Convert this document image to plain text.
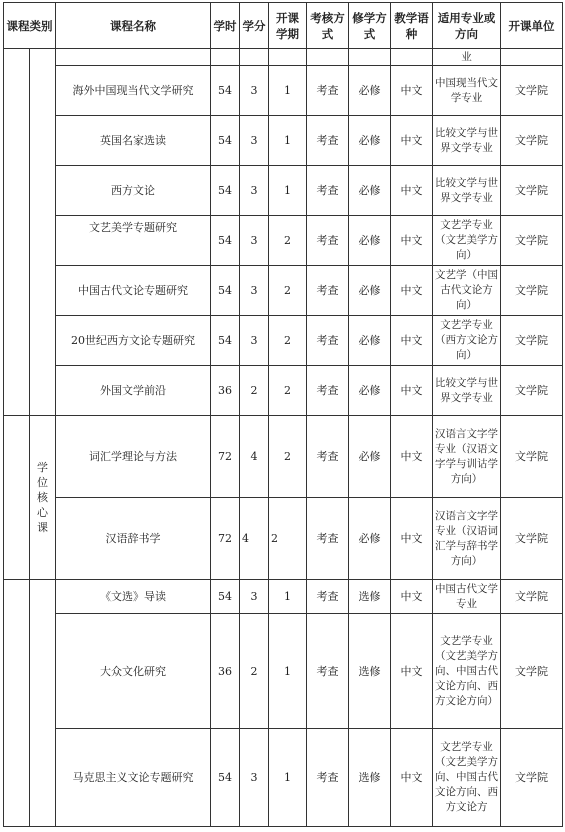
课程类别		课程名称	学时	学分	开课学期	考核方式	修学方式	教学语种	适用专业或方向	开课单位
									业	
		海外中国现当代文学研究	54	3	1	考查	必修	中文	中国现当代文学专业	文学院
		英国名家选读	54	3	1	考查	必修	中文	比较文学与世界文学专业	文学院
		西方文论	54	3	1	考查	必修	中文	比较文学与世界文学专业	文学院
		文艺美学专题研究	54	3	2	考查	必修	中文	文艺学专业（文艺美学方向）	文学院
		中国古代文论专题研究	54	3	2	考查	必修	中文	文艺学（中国古代文论方向）	文学院
		20世纪西方文论专题研究	54	3	2	考查	必修	中文	文艺学专业（西方文论方向）	文学院
		外国文学前沿	36	2	2	考查	必修	中文	比较文学与世界文学专业	文学院

	学位核心课	词汇学理论与方法	72	4	2	考查	必修	中文	汉语言文字学专业（汉语文字学与训诂学方向）	文学院
		汉语辞书学	72	4	2	考查	必修	中文	汉语言文字学专业（汉语词汇学与辞书学方向）	文学院
		《文选》导读	54	3	1	考查	选修	中文	中国古代文学专业	文学院
		大众文化研究	36	2	1	考查	选修	中文	文艺学专业（文艺美学方向、中国古代文论方向、西方文论方向）	文学院
		马克思主义文论专题研究	54	3	1	考查	选修	中文	文艺学专业（文艺美学方向、中国古代文论方向、西方文论方	文学院
